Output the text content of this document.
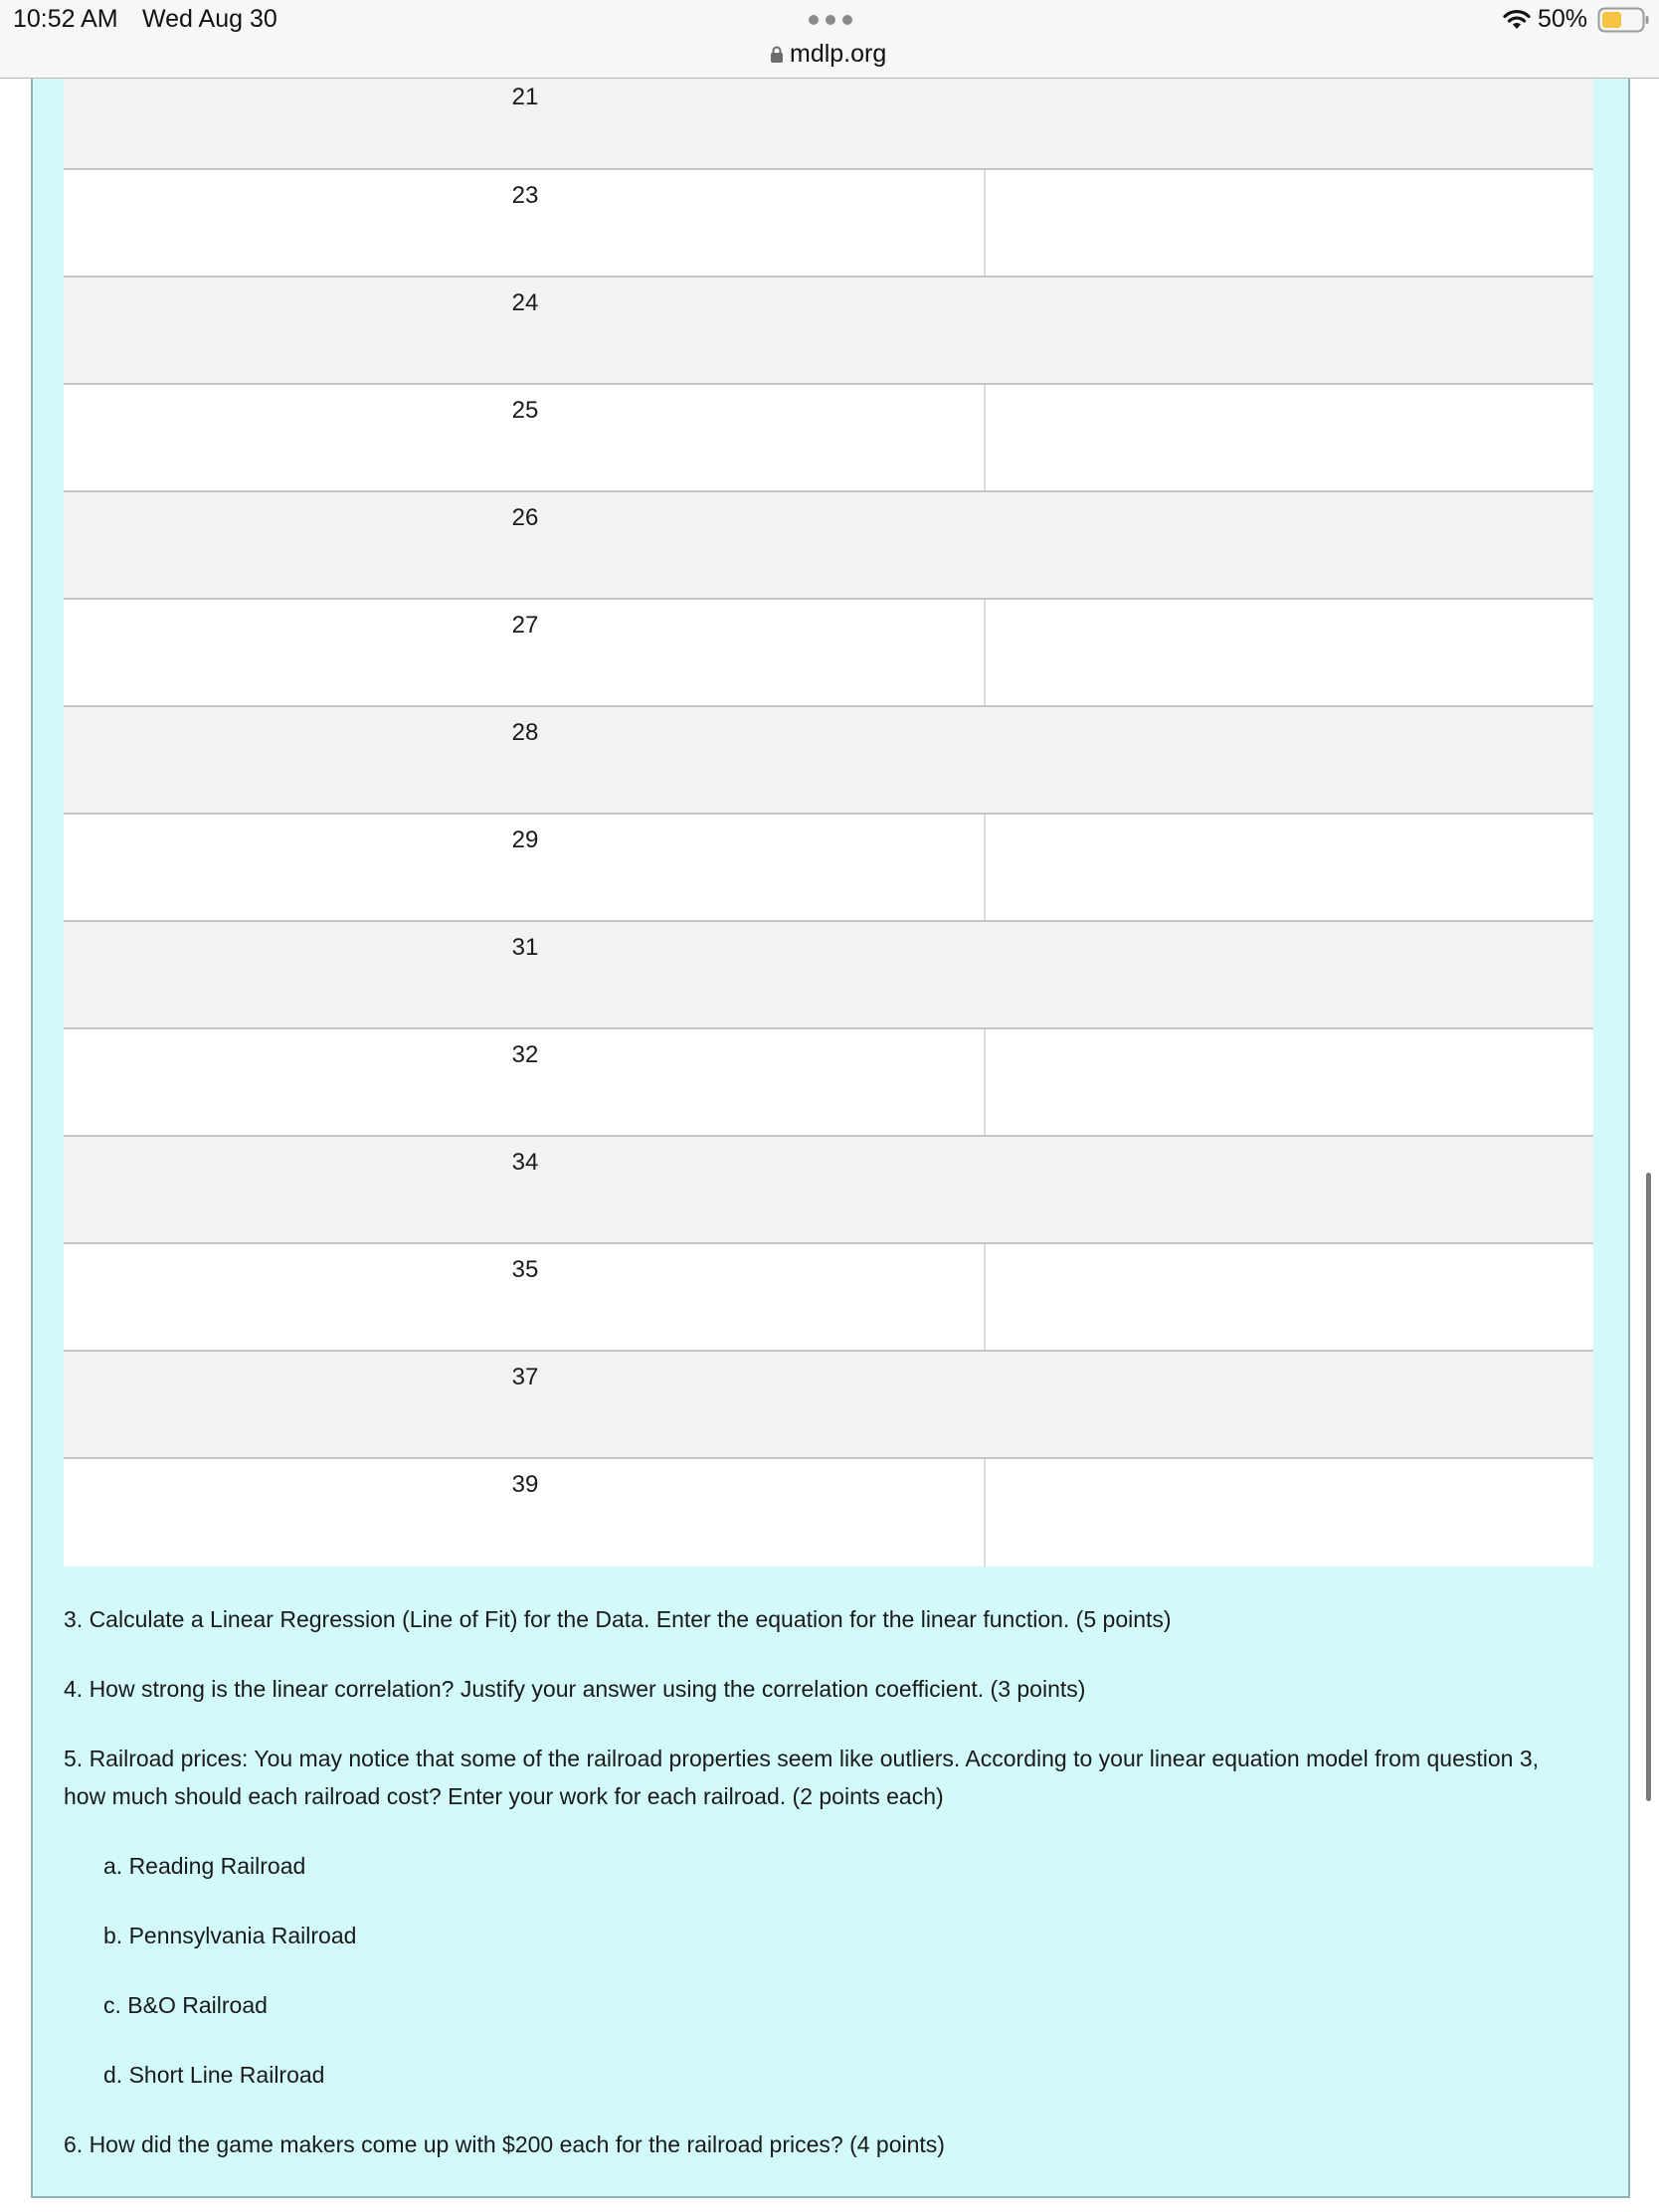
10:52 AM Wed Aug 30
mdlp.org
50%
21
23
24
25
26
27
28
29
31
32
34
35
37
39

3. Calculate a Linear Regression (Line of Fit) for the Data. Enter the equation for the linear function. (5 points)

4. How strong is the linear correlation? Justify your answer using the correlation coefficient. (3 points)

5. Railroad prices: You may notice that some of the railroad properties seem like outliers. According to your linear equation model from question 3, how much should each railroad cost? Enter your work for each railroad. (2 points each)

a. Reading Railroad

b. Pennsylvania Railroad

c. B&O Railroad

d. Short Line Railroad

6. How did the game makers come up with $200 each for the railroad prices? (4 points)
